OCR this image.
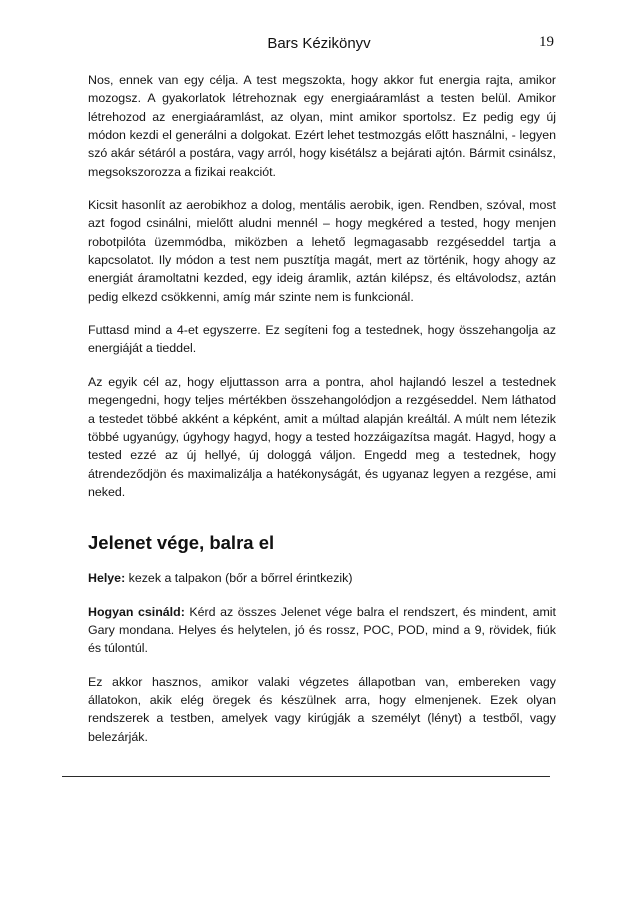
Bars Kézikönyv	19

Nos, ennek van egy célja. A test megszokta, hogy akkor fut energia rajta, amikor mozogsz. A gyakorlatok létrehoznak egy energiaáramlást a testen belül. Amikor létrehozod az energiaáramlást, az olyan, mint amikor sportolsz. Ez pedig egy új módon kezdi el generálni a dolgokat. Ezért lehet testmozgás előtt használni, - legyen szó akár sétáról a postára, vagy arról, hogy kisétálsz a bejárati ajtón. Bármit csinálsz, megsokszorozza a fizikai reakciót.

Kicsit hasonlít az aerobikhoz a dolog, mentális aerobik, igen. Rendben, szóval, most azt fogod csinálni, mielőtt aludni mennél – hogy megkéred a tested, hogy menjen robotpilóta üzemmódba, miközben a lehető legmagasabb rezgéseddel tartja a kapcsolatot. Ily módon a test nem pusztítja magát, mert az történik, hogy ahogy az energiát áramoltatni kezded, egy ideig áramlik, aztán kilépsz, és eltávolodsz, aztán pedig elkezd csökkenni, amíg már szinte nem is funkcionál.

Futtasd mind a 4-et egyszerre. Ez segíteni fog a testednek, hogy összehangolja az energiáját a tieddel.

Az egyik cél az, hogy eljuttasson arra a pontra, ahol hajlandó leszel a testednek megengedni, hogy teljes mértékben összehangolódjon a rezgéseddel. Nem láthatod a testedet többé akként a képként, amit a múltad alapján kreáltál. A múlt nem létezik többé ugyanúgy, úgyhogy hagyd, hogy a tested hozzáigazítsa magát. Hagyd, hogy a tested ezzé az új hellyé, új dologgá váljon. Engedd meg a testednek, hogy átrendeződjön és maximalizálja a hatékonyságát, és ugyanaz legyen a rezgése, ami neked.

Jelenet vége, balra el

Helye: kezek a talpakon (bőr a bőrrel érintkezik)

Hogyan csináld: Kérd az összes Jelenet vége balra el rendszert, és mindent, amit Gary mondana. Helyes és helytelen, jó és rossz, POC, POD, mind a 9, rövidek, fiúk és túlontúl.

Ez akkor hasznos, amikor valaki végzetes állapotban van, embereken vagy állatokon, akik elég öregek és készülnek arra, hogy elmenjenek. Ezek olyan rendszerek a testben, amelyek vagy kirúgják a személyt (lényt) a testből, vagy belezárják.
